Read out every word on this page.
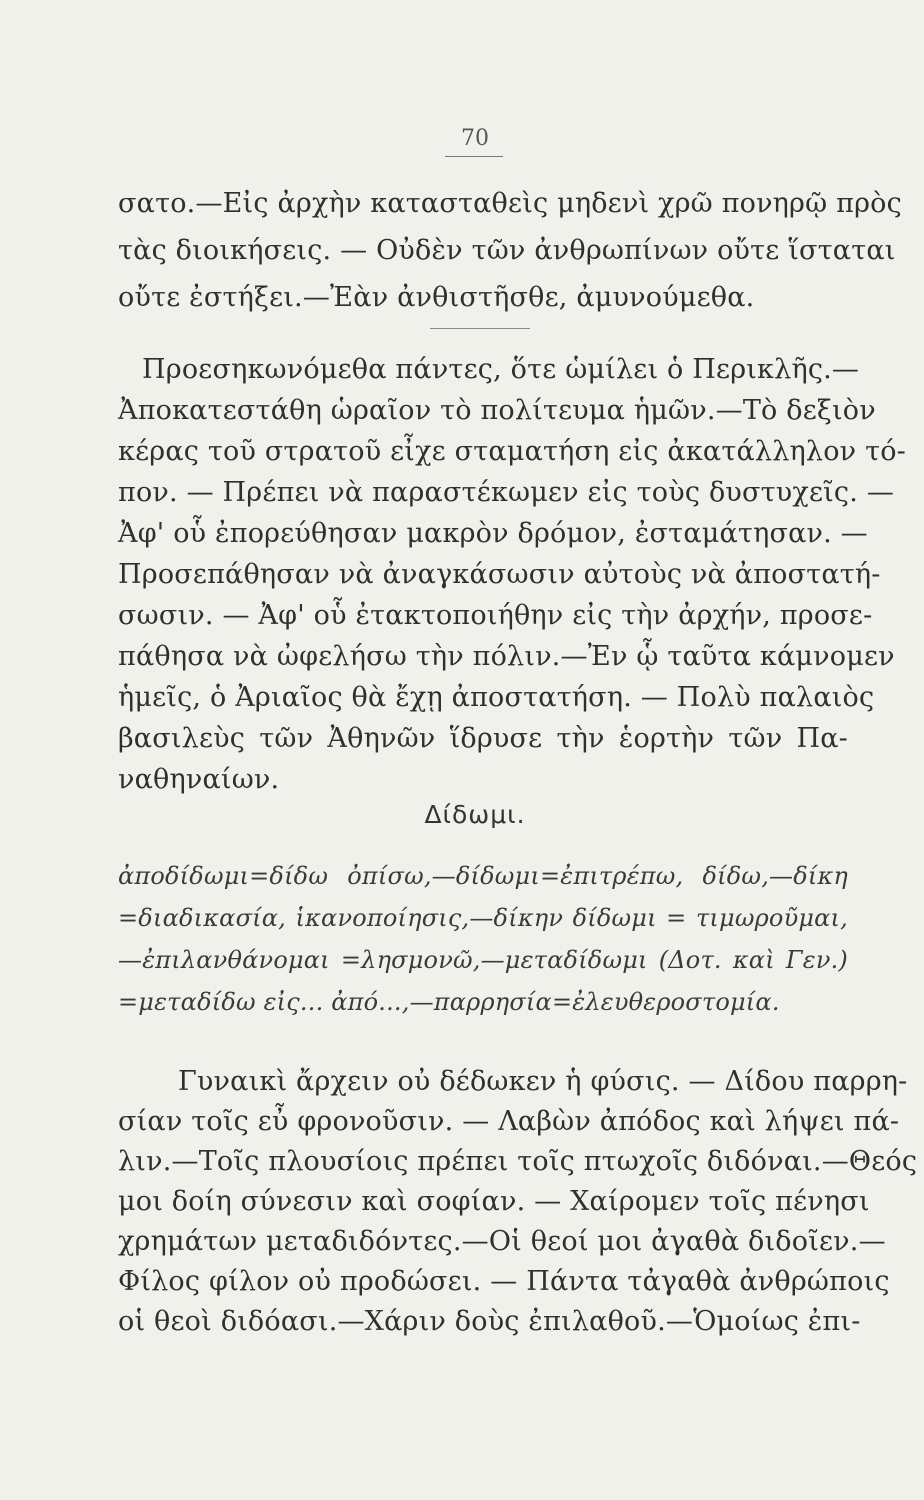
70
σατο.—Εἰς ἀρχὴν κατασταθεὶς μηδενὶ χρῶ πονηρῷ πρὸς
τὰς διοικήσεις. — Οὐδὲν τῶν ἀνθρωπίνων οὔτε ἵσταται
οὔτε ἐστήξει.—Ἐὰν ἀνθιστῆσθε, ἀμυνούμεθα.
Προεσηκωνόμεθα πάντες, ὅτε ὡμίλει ὁ Περικλῆς.—
Ἀποκατεστάθη ὡραῖον τὸ πολίτευμα ἡμῶν.—Τὸ δεξιὸν
κέρας τοῦ στρατοῦ εἶχε σταματήση εἰς ἀκατάλληλον τό-
πον. — Πρέπει νὰ παραστέκωμεν εἰς τοὺς δυστυχεῖς. —
Ἀφ' οὗ ἐπορεύθησαν μακρὸν δρόμον, ἐσταμάτησαν. —
Προσεπάθησαν νὰ ἀναγκάσωσιν αὐτοὺς νὰ ἀποστατή-
σωσιν. — Ἀφ' οὗ ἐτακτοποιήθην εἰς τὴν ἀρχήν, προσε-
πάθησα νὰ ὠφελήσω τὴν πόλιν.—Ἐν ᾧ ταῦτα κάμνομεν
ἡμεῖς, ὁ Ἀριαῖος θὰ ἔχῃ ἀποστατήση. — Πολὺ παλαιὸς
βασιλεὺς τῶν Ἀθηνῶν ἵδρυσε τὴν ἑορτὴν τῶν Πα-
ναθηναίων.
Δίδωμι.
ἀποδίδωμι=δίδω ὀπίσω,—δίδωμι=ἐπιτρέπω, δίδω,—δίκη
=διαδικασία, ἱκανοποίησις,—δίκην δίδωμι = τιμωροῦμαι,
—ἐπιλανθάνομαι =λησμονῶ,—μεταδίδωμι (Δοτ. καὶ Γεν.)
=μεταδίδω εἰς... ἀπό...,—παρρησία=ἐλευθεροστομία.
Γυναικὶ ἄρχειν οὐ δέδωκεν ἡ φύσις. — Δίδου παρρη-
σίαν τοῖς εὖ φρονοῦσιν. — Λαβὼν ἀπόδος καὶ λήψει πά-
λιν.—Τοῖς πλουσίοις πρέπει τοῖς πτωχοῖς διδόναι.—Θεός
μοι δοίη σύνεσιν καὶ σοφίαν. — Χαίρομεν τοῖς πένησι
χρημάτων μεταδιδόντες.—Οἱ θεοί μοι ἀγαθὰ διδοῖεν.—
Φίλος φίλον οὐ προδώσει. — Πάντα τἀγαθὰ ἀνθρώποις
οἱ θεοὶ διδόασι.—Χάριν δοὺς ἐπιλαθοῦ.—Ὁμοίως ἐπι-
